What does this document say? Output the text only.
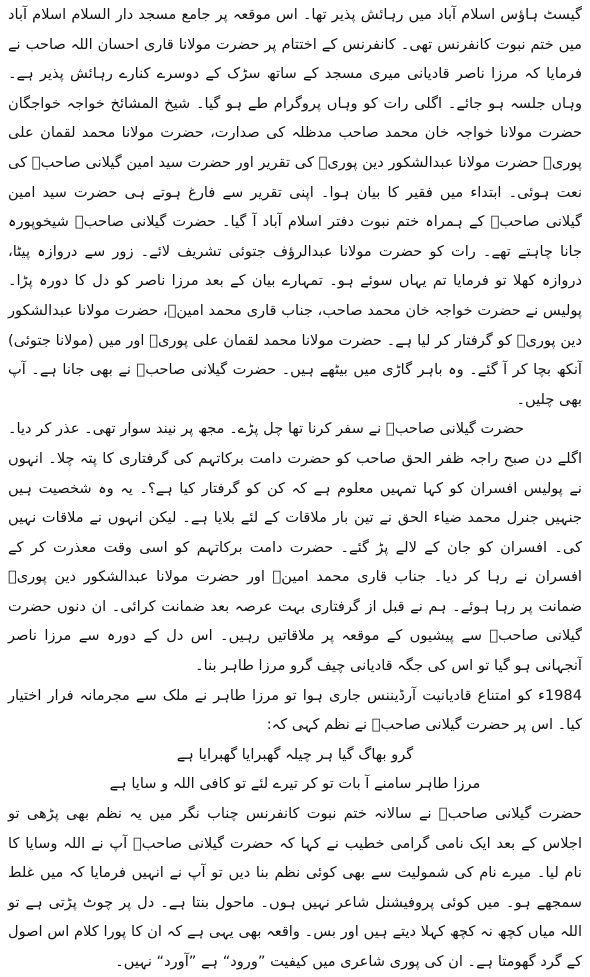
گیسٹ ہاؤس اسلام آباد میں رہائش پذیر تھا۔ اس موقعہ پر جامع مسجد دار السلام اسلام آباد میں ختم نبوت کانفرنس تھی۔ کانفرنس کے اختتام پر حضرت مولانا قاری احسان اللہ صاحب نے فرمایا کہ مرزا ناصر قادیانی میری مسجد کے ساتھ سڑک کے دوسرے کنارے رہائش پذیر ہے۔ وہاں جلسہ ہو جائے۔ اگلی رات کو وہاں پروگرام طے ہو گیا۔ شیخ المشائخ خواجہ خواجگان حضرت مولانا خواجہ خان محمد صاحب مدظلہ کی صدارت، حضرت مولانا محمد لقمان علی پوریؒ حضرت مولانا عبدالشکور دین پوریؒ کی تقریر اور حضرت سید امین گیلانی صاحبؒ کی نعت ہوئی۔ ابتداء میں فقیر کا بیان ہوا۔ اپنی تقریر سے فارغ ہوتے ہی حضرت سید امین گیلانی صاحبؒ کے ہمراہ ختم نبوت دفتر اسلام آباد آ گیا۔ حضرت گیلانی صاحبؒ شیخوپورہ جانا چاہتے تھے۔ رات کو حضرت مولانا عبدالرؤف جتوئی تشریف لائے۔ زور سے دروازہ پیٹا، دروازہ کھلا تو فرمایا تم یہاں سوئے ہو۔ تمہارے بیان کے بعد مرزا ناصر کو دل کا دورہ پڑا۔ پولیس نے حضرت خواجہ خان محمد صاحب، جناب قاری محمد امینؒ، حضرت مولانا عبدالشکور دین پوریؒ کو گرفتار کر لیا ہے۔ حضرت مولانا محمد لقمان علی پوریؒ اور میں (مولانا جتوئی) آنکھ بچا کر آ گئے۔ وہ باہر گاڑی میں بیٹھے ہیں۔ حضرت گیلانی صاحبؒ نے بھی جانا ہے۔ آپ بھی چلیں۔

حضرت گیلانی صاحبؒ نے سفر کرنا تھا چل پڑے۔ مجھ پر نیند سوار تھی۔ عذر کر دیا۔ اگلے دن صبح راجہ ظفر الحق صاحب کو حضرت دامت برکاتہم کی گرفتاری کا پتہ چلا۔ انہوں نے پولیس افسران کو کہا تمہیں معلوم ہے کہ کن کو گرفتار کیا ہے؟۔ یہ وہ شخصیت ہیں جنہیں جنرل محمد ضیاء الحق نے تین بار ملاقات کے لئے بلایا ہے۔ لیکن انہوں نے ملاقات نہیں کی۔ افسران کو جان کے لالے پڑ گئے۔ حضرت دامت برکاتہم کو اسی وقت معذرت کر کے افسران نے رہا کر دیا۔ جناب قاری محمد امینؒ اور حضرت مولانا عبدالشکور دین پوریؒ ضمانت پر رہا ہوئے۔ ہم نے قبل از گرفتاری بہت عرصہ بعد ضمانت کرائی۔ ان دنوں حضرت گیلانی صاحبؒ سے پیشیوں کے موقعہ پر ملاقاتیں رہیں۔ اس دل کے دورہ سے مرزا ناصر آنجہانی ہو گیا تو اس کی جگہ قادیانی چیف گرو مرزا طاہر بنا۔

1984ء کو امتناع قادیانیت آرڈیننس جاری ہوا تو مرزا طاہر نے ملک سے مجرمانہ فرار اختیار کیا۔ اس پر حضرت گیلانی صاحبؒ نے نظم کہی کہ:

گرو بھاگ گیا ہر چیلہ گھبرایا گھبرایا ہے

مرزا طاہر سامنے آ بات تو کر تیرے لئے تو کافی اللہ و سایا ہے

حضرت گیلانی صاحبؒ نے سالانہ ختم نبوت کانفرنس چناب نگر میں یہ نظم بھی پڑھی تو اجلاس کے بعد ایک نامی گرامی خطیب نے کہا کہ حضرت گیلانی صاحبؒ آپ نے اللہ وسایا کا نام لیا۔ میرے نام کی شمولیت سے بھی کوئی نظم بنا دیں تو آپ نے انہیں فرمایا کہ میں غلط سمجھے ہو۔ میں کوئی پروفیشنل شاعر نہیں ہوں۔ ماحول بنتا ہے۔ دل پر چوٹ پڑتی ہے تو اللہ میاں کچھ نہ کچھ کہلا دیتے ہیں اور بس۔ واقعہ بھی یہی ہے کہ ان کا پورا کلام اس اصول کے گرد گھومتا ہے۔ ان کی پوری شاعری میں کیفیت ”ورود“ ہے ”آورد“ نہیں۔
